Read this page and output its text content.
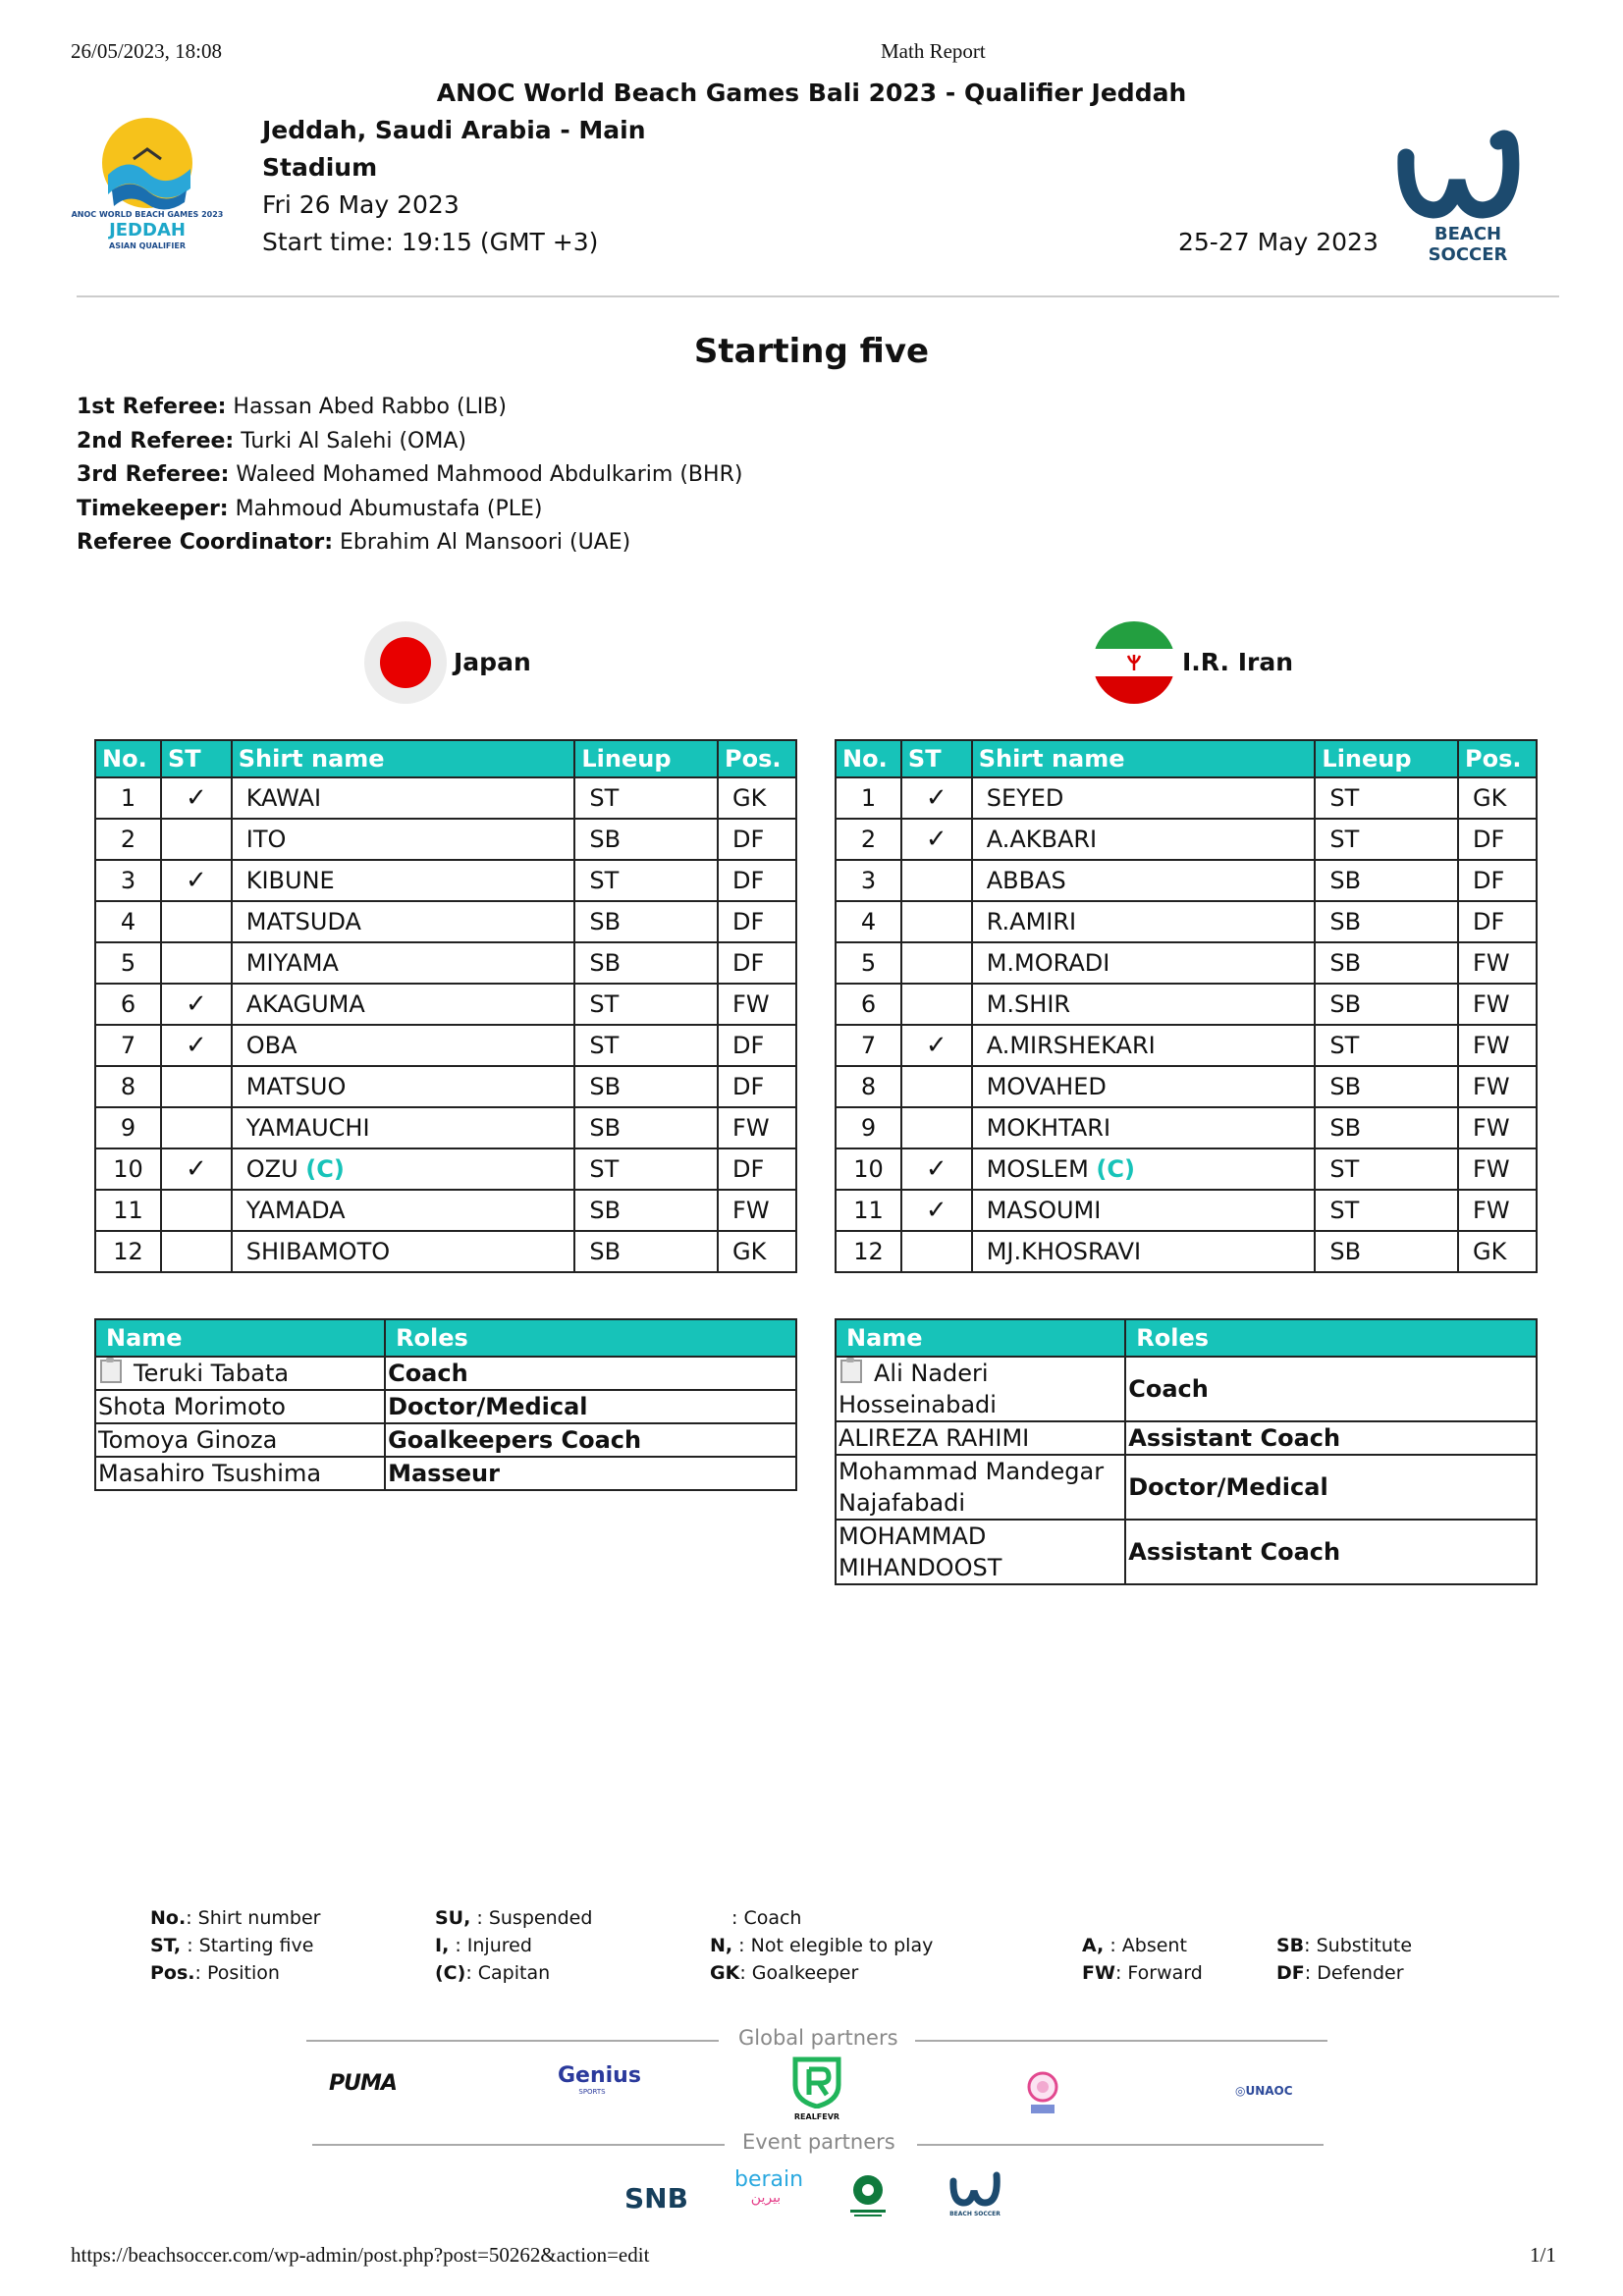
26/05/2023, 18:08	Math Report
ANOC World Beach Games Bali 2023 - Qualifier Jeddah
ANOC WORLD BEACH GAMES 2023
JEDDAH
ASIAN QUALIFIER
Jeddah, Saudi Arabia - Main
Stadium
Fri 26 May 2023
Start time: 19:15 (GMT +3)	25-27 May 2023	BEACH SOCCER
Starting five
1st Referee: Hassan Abed Rabbo (LIB)
2nd Referee: Turki Al Salehi (OMA)
3rd Referee: Waleed Mohamed Mahmood Abdulkarim (BHR)
Timekeeper: Mahmoud Abumustafa (PLE)
Referee Coordinator: Ebrahim Al Mansoori (UAE)
Japan	I.R. Iran
No.	ST	Shirt name	Lineup	Pos.
1	✓	KAWAI	ST	GK
2		ITO	SB	DF
3	✓	KIBUNE	ST	DF
4		MATSUDA	SB	DF
5		MIYAMA	SB	DF
6	✓	AKAGUMA	ST	FW
7	✓	OBA	ST	DF
8		MATSUO	SB	DF
9		YAMAUCHI	SB	FW
10	✓	OZU (C)	ST	DF
11		YAMADA	SB	FW
12		SHIBAMOTO	SB	GK
No.	ST	Shirt name	Lineup	Pos.
1	✓	SEYED	ST	GK
2	✓	A.AKBARI	ST	DF
3		ABBAS	SB	DF
4		R.AMIRI	SB	DF
5		M.MORADI	SB	FW
6		M.SHIR	SB	FW
7	✓	A.MIRSHEKARI	ST	FW
8		MOVAHED	SB	FW
9		MOKHTARI	SB	FW
10	✓	MOSLEM (C)	ST	FW
11	✓	MASOUMI	ST	FW
12		MJ.KHOSRAVI	SB	GK
Name	Roles
Teruki Tabata	Coach
Shota Morimoto	Doctor/Medical
Tomoya Ginoza	Goalkeepers Coach
Masahiro Tsushima	Masseur
Name	Roles
Ali Naderi Hosseinabadi	Coach
ALIREZA RAHIMI	Assistant Coach
Mohammad Mandegar Najafabadi	Doctor/Medical
MOHAMMAD MIHANDOOST	Assistant Coach
No.: Shirt number
ST, : Starting five
Pos.: Position
SU, : Suspended
I, : Injured
(C): Capitan
: Coach
N, : Not elegible to play
GK: Goalkeeper
A, : Absent
FW: Forward
SB: Substitute
DF: Defender
Global partners
PUMA	Genius
SPORTS
REALFEVR
◎UNAOC
Event partners
SNB
berain
بيرين
BEACH SOCCER
https://beachsoccer.com/wp-admin/post.php?post=50262&action=edit	1/1
